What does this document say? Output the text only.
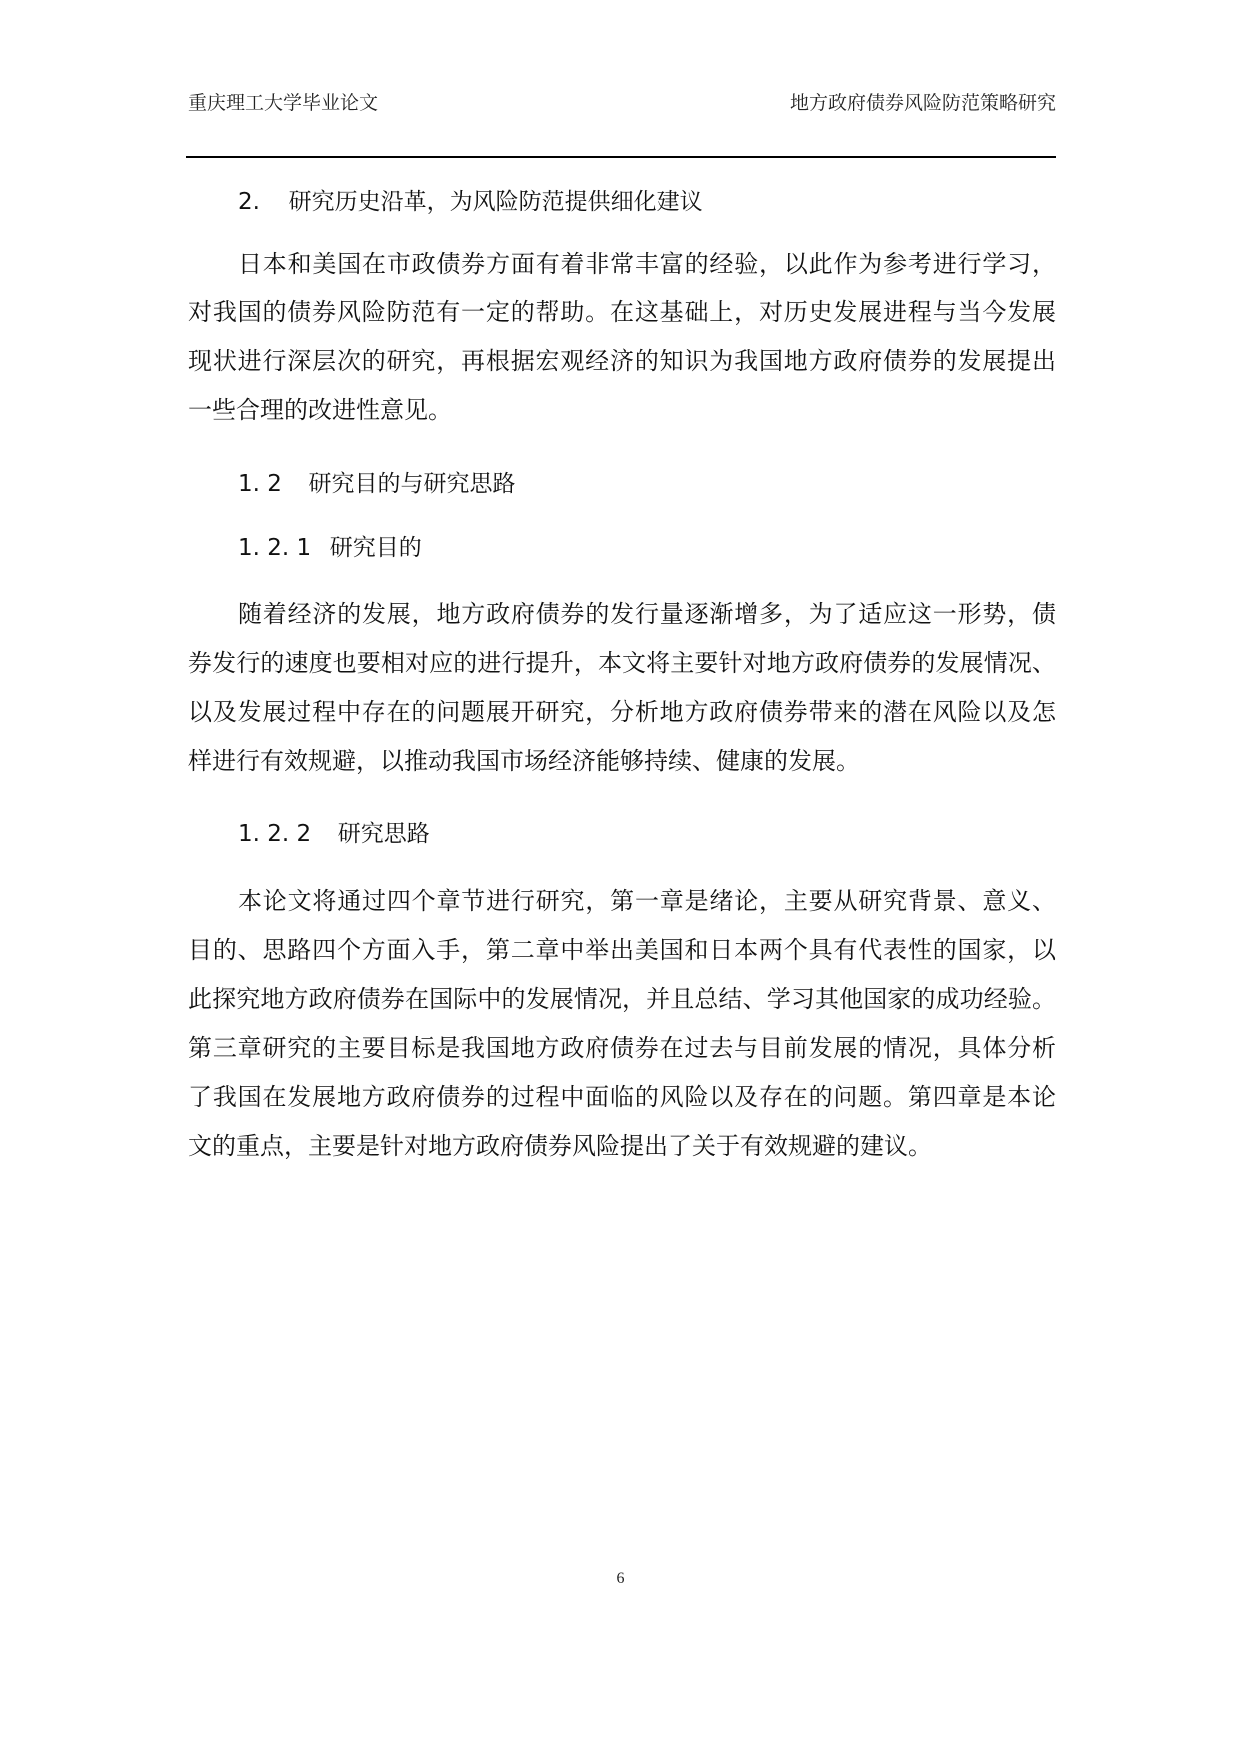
重庆理工大学毕业论文	地方政府债券风险防范策略研究
2. 研究历史沿革，为风险防范提供细化建议
日本和美国在市政债券方面有着非常丰富的经验，以此作为参考进行学习，
对我国的债券风险防范有一定的帮助。在这基础上，对历史发展进程与当今发展
现状进行深层次的研究，再根据宏观经济的知识为我国地方政府债券的发展提出
一些合理的改进性意见。
1. 2 研究目的与研究思路
1. 2. 1 研究目的
随着经济的发展，地方政府债券的发行量逐渐增多，为了适应这一形势，债
券发行的速度也要相对应的进行提升，本文将主要针对地方政府债券的发展情况、
以及发展过程中存在的问题展开研究，分析地方政府债券带来的潜在风险以及怎
样进行有效规避，以推动我国市场经济能够持续、健康的发展。
1. 2. 2 研究思路
本论文将通过四个章节进行研究，第一章是绪论，主要从研究背景、意义、
目的、思路四个方面入手，第二章中举出美国和日本两个具有代表性的国家，以
此探究地方政府债券在国际中的发展情况，并且总结、学习其他国家的成功经验。
第三章研究的主要目标是我国地方政府债券在过去与目前发展的情况，具体分析
了我国在发展地方政府债券的过程中面临的风险以及存在的问题。第四章是本论
文的重点，主要是针对地方政府债券风险提出了关于有效规避的建议。
6
